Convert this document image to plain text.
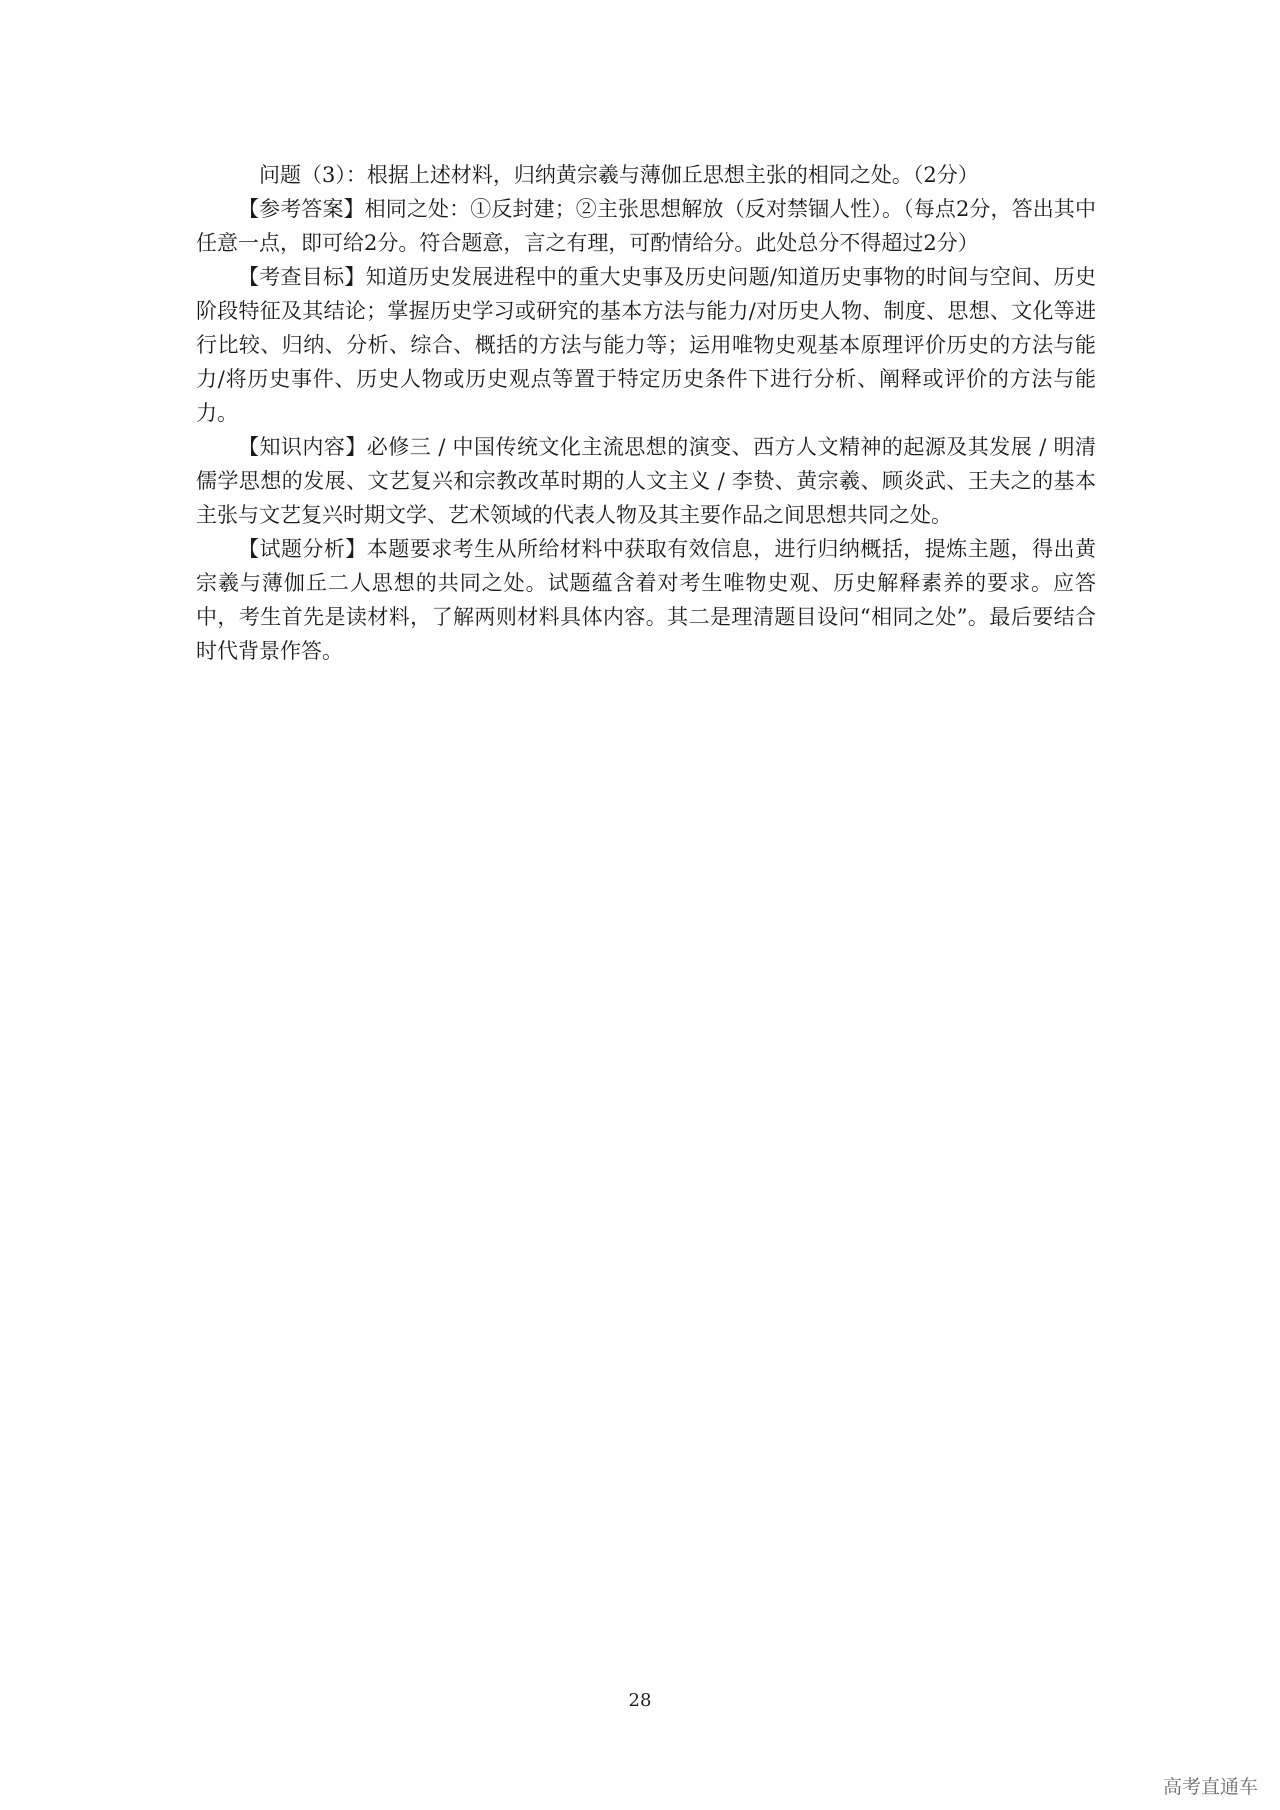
问题（3）：根据上述材料，归纳黄宗羲与薄伽丘思想主张的相同之处。（2分）

【参考答案】相同之处：①反封建；②主张思想解放（反对禁锢人性）。（每点2分，答出其中任意一点，即可给2分。符合题意，言之有理，可酌情给分。此处总分不得超过2分）

【考查目标】知道历史发展进程中的重大史事及历史问题/知道历史事物的时间与空间、历史阶段特征及其结论；掌握历史学习或研究的基本方法与能力/对历史人物、制度、思想、文化等进行比较、归纳、分析、综合、概括的方法与能力等；运用唯物史观基本原理评价历史的方法与能力/将历史事件、历史人物或历史观点等置于特定历史条件下进行分析、阐释或评价的方法与能力。

【知识内容】必修三 / 中国传统文化主流思想的演变、西方人文精神的起源及其发展 / 明清儒学思想的发展、文艺复兴和宗教改革时期的人文主义 / 李贽、黄宗羲、顾炎武、王夫之的基本主张与文艺复兴时期文学、艺术领域的代表人物及其主要作品之间思想共同之处。

【试题分析】本题要求考生从所给材料中获取有效信息，进行归纳概括，提炼主题，得出黄宗羲与薄伽丘二人思想的共同之处。试题蕴含着对考生唯物史观、历史解释素养的要求。应答中，考生首先是读材料，了解两则材料具体内容。其二是理清题目设问“相同之处”。最后要结合时代背景作答。

28
高考直通车
